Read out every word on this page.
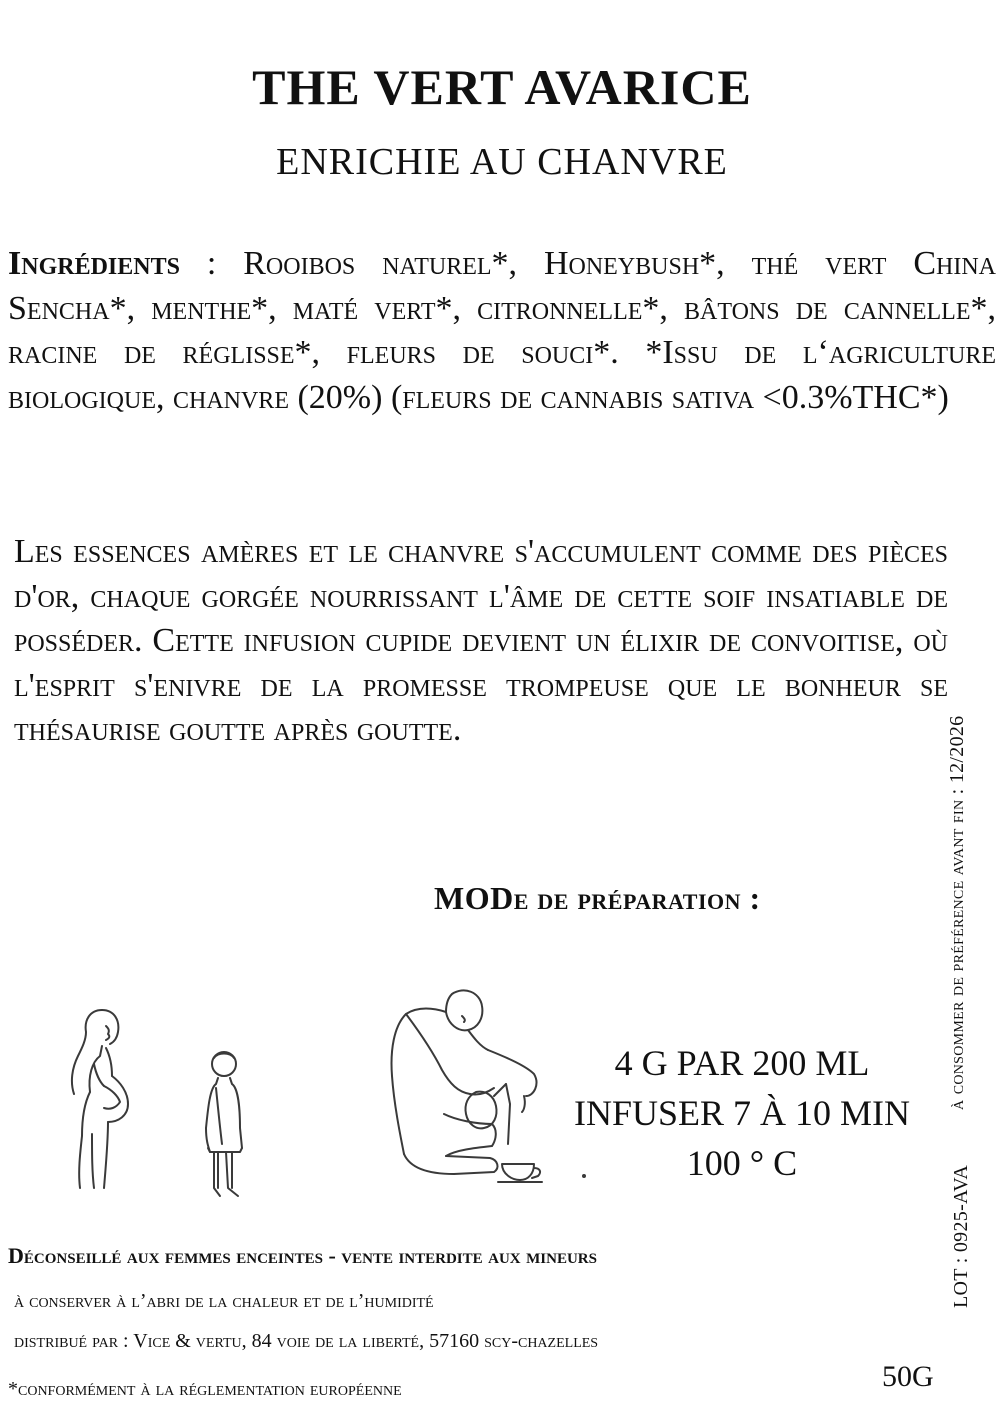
THE VERT AVARICE
ENRICHIE AU CHANVRE

Ingrédients : Rooibos naturel*, Honeybush*, thé vert China Sencha*, menthe*, maté vert*, citronnelle*, bâtons de cannelle*, racine de réglisse*, fleurs de souci*. *Issu de l‘agriculture biologique, chanvre (20%) (fleurs de cannabis sativa <0.3%THC*)

Les essences amères et le chanvre s'accumulent comme des pièces d'or, chaque gorgée nourrissant l'âme de cette soif insatiable de posséder. Cette infusion cupide devient un élixir de convoitise, où l'esprit s'enivre de la promesse trompeuse que le bonheur se thésaurise goutte après goutte.

MODe de préparation :
4 G PAR 200 ML
INFUSER 7 À 10 MIN
100 ° C
à consommer de préférence avant fin : 12/2026
LOT : 0925-AVA
Déconseillé aux femmes enceintes - vente interdite aux mineurs
à conserver à l’abri de la chaleur et de l’humidité
distribué par : Vice & vertu, 84 voie de la liberté, 57160 scy-chazelles
*conformément à la réglementation européenne	50G
